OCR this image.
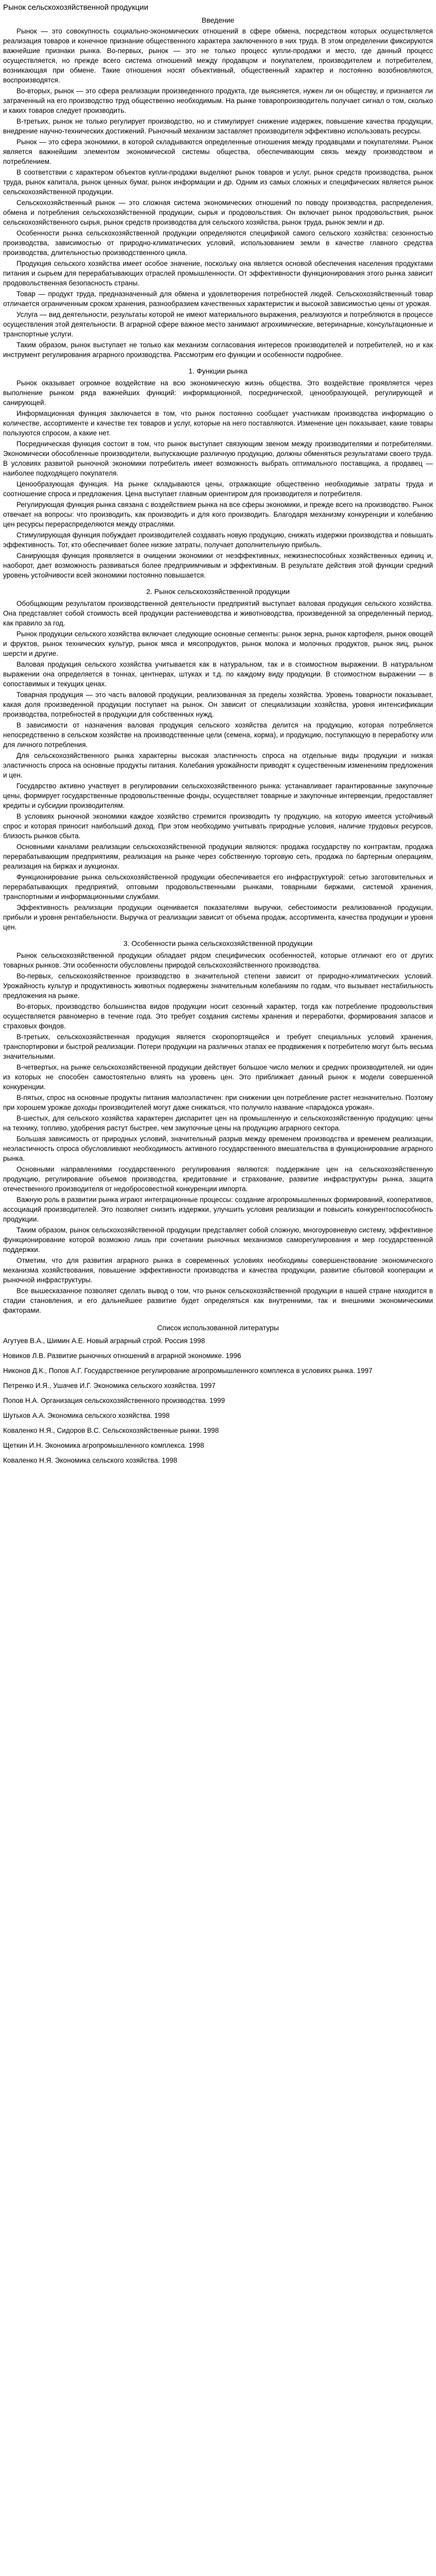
Рынок сельскохозяйственной продукции
Введение

Рынок — это совокупность социально-экономических отношений в сфере обмена, посредством которых осуществляется реализация товаров и конечное признание общественного характера заключенного в них труда. В этом определении фиксируются важнейшие признаки рынка. Во-первых, рынок — это не только процесс купли-продажи и место, где данный процесс осуществляется, но прежде всего система отношений между продавцом и покупателем, производителем и потребителем, возникающая при обмене. Такие отношения носят объективный, общественный характер и постоянно возобновляются, воспроизводятся.

Во-вторых, рынок — это сфера реализации произведенного продукта, где выясняется, нужен ли он обществу, и признается ли затраченный на его производство труд общественно необходимым. На рынке товаропроизводитель получает сигнал о том, сколько и каких товаров следует производить.

В-третьих, рынок не только регулирует производство, но и стимулирует снижение издержек, повышение качества продукции, внедрение научно-технических достижений. Рыночный механизм заставляет производителя эффективно использовать ресурсы.

Рынок — это сфера экономики, в которой складываются определенные отношения между продавцами и покупателями. Рынок является важнейшим элементом экономической системы общества, обеспечивающим связь между производством и потреблением.

В соответствии с характером объектов купли-продажи выделяют рынок товаров и услуг, рынок средств производства, рынок труда, рынок капитала, рынок ценных бумаг, рынок информации и др. Одним из самых сложных и специфических является рынок сельскохозяйственной продукции.

Сельскохозяйственный рынок — это сложная система экономических отношений по поводу производства, распределения, обмена и потребления сельскохозяйственной продукции, сырья и продовольствия. Он включает рынок продовольствия, рынок сельскохозяйственного сырья, рынок средств производства для сельского хозяйства, рынок труда, рынок земли и др.

Особенности рынка сельскохозяйственной продукции определяются спецификой самого сельского хозяйства: сезонностью производства, зависимостью от природно-климатических условий, использованием земли в качестве главного средства производства, длительностью производственного цикла.

Продукция сельского хозяйства имеет особое значение, поскольку она является основой обеспечения населения продуктами питания и сырьем для перерабатывающих отраслей промышленности. От эффективности функционирования этого рынка зависит продовольственная безопасность страны.

Товар — продукт труда, предназначенный для обмена и удовлетворения потребностей людей. Сельскохозяйственный товар отличается ограниченным сроком хранения, разнообразием качественных характеристик и высокой зависимостью цены от урожая.

Услуга — вид деятельности, результаты которой не имеют материального выражения, реализуются и потребляются в процессе осуществления этой деятельности. В аграрной сфере важное место занимают агрохимические, ветеринарные, консультационные и транспортные услуги.

Таким образом, рынок выступает не только как механизм согласования интересов производителей и потребителей, но и как инструмент регулирования аграрного производства. Рассмотрим его функции и особенности подробнее.

1. Функции рынка

Рынок оказывает огромное воздействие на всю экономическую жизнь общества. Это воздействие проявляется через выполнение рынком ряда важнейших функций: информационной, посреднической, ценообразующей, регулирующей и санирующей.

Информационная функция заключается в том, что рынок постоянно сообщает участникам производства информацию о количестве, ассортименте и качестве тех товаров и услуг, которые на него поставляются. Изменение цен показывает, какие товары пользуются спросом, а какие нет.

Посредническая функция состоит в том, что рынок выступает связующим звеном между производителями и потребителями. Экономически обособленные производители, выпускающие различную продукцию, должны обменяться результатами своего труда. В условиях развитой рыночной экономики потребитель имеет возможность выбрать оптимального поставщика, а продавец — наиболее подходящего покупателя.

Ценообразующая функция. На рынке складываются цены, отражающие общественно необходимые затраты труда и соотношение спроса и предложения. Цена выступает главным ориентиром для производителя и потребителя.

Регулирующая функция рынка связана с воздействием рынка на все сферы экономики, и прежде всего на производство. Рынок отвечает на вопросы: что производить, как производить и для кого производить. Благодаря механизму конкуренции и колебанию цен ресурсы перераспределяются между отраслями.

Стимулирующая функция побуждает производителей создавать новую продукцию, снижать издержки производства и повышать эффективность. Тот, кто обеспечивает более низкие затраты, получает дополнительную прибыль.

Санирующая функция проявляется в очищении экономики от неэффективных, нежизнеспособных хозяйственных единиц и, наоборот, дает возможность развиваться более предприимчивым и эффективным. В результате действия этой функции средний уровень устойчивости всей экономики постоянно повышается.

2. Рынок сельскохозяйственной продукции

Обобщающим результатом производственной деятельности предприятий выступает валовая продукция сельского хозяйства. Она представляет собой стоимость всей продукции растениеводства и животноводства, произведенной за определенный период, как правило за год.

Рынок продукции сельского хозяйства включает следующие основные сегменты: рынок зерна, рынок картофеля, рынок овощей и фруктов, рынок технических культур, рынок мяса и мясопродуктов, рынок молока и молочных продуктов, рынок яиц, рынок шерсти и другие.

Валовая продукция сельского хозяйства учитывается как в натуральном, так и в стоимостном выражении. В натуральном выражении она определяется в тоннах, центнерах, штуках и т.д. по каждому виду продукции. В стоимостном выражении — в сопоставимых и текущих ценах.

Товарная продукция — это часть валовой продукции, реализованная за пределы хозяйства. Уровень товарности показывает, какая доля произведенной продукции поступает на рынок. Он зависит от специализации хозяйства, уровня интенсификации производства, потребностей в продукции для собственных нужд.

В зависимости от назначения валовая продукция сельского хозяйства делится на продукцию, которая потребляется непосредственно в сельском хозяйстве на производственные цели (семена, корма), и продукцию, поступающую в переработку или для личного потребления.

Для сельскохозяйственного рынка характерны высокая эластичность спроса на отдельные виды продукции и низкая эластичность спроса на основные продукты питания. Колебания урожайности приводят к существенным изменениям предложения и цен.

Государство активно участвует в регулировании сельскохозяйственного рынка: устанавливает гарантированные закупочные цены, формирует государственные продовольственные фонды, осуществляет товарные и закупочные интервенции, предоставляет кредиты и субсидии производителям.

В условиях рыночной экономики каждое хозяйство стремится производить ту продукцию, на которую имеется устойчивый спрос и которая приносит наибольший доход. При этом необходимо учитывать природные условия, наличие трудовых ресурсов, близость рынков сбыта.

Основными каналами реализации сельскохозяйственной продукции являются: продажа государству по контрактам, продажа перерабатывающим предприятиям, реализация на рынке через собственную торговую сеть, продажа по бартерным операциям, реализация на биржах и аукционах.

Функционирование рынка сельскохозяйственной продукции обеспечивается его инфраструктурой: сетью заготовительных и перерабатывающих предприятий, оптовыми продовольственными рынками, товарными биржами, системой хранения, транспортными и информационными службами.

Эффективность реализации продукции оценивается показателями выручки, себестоимости реализованной продукции, прибыли и уровня рентабельности. Выручка от реализации зависит от объема продаж, ассортимента, качества продукции и уровня цен.

3. Особенности рынка сельскохозяйственной продукции

Рынок сельскохозяйственной продукции обладает рядом специфических особенностей, которые отличают его от других товарных рынков. Эти особенности обусловлены природой сельскохозяйственного производства.

Во-первых, сельскохозяйственное производство в значительной степени зависит от природно-климатических условий. Урожайность культур и продуктивность животных подвержены значительным колебаниям по годам, что вызывает нестабильность предложения на рынке.

Во-вторых, производство большинства видов продукции носит сезонный характер, тогда как потребление продовольствия осуществляется равномерно в течение года. Это требует создания системы хранения и переработки, формирования запасов и страховых фондов.

В-третьих, сельскохозяйственная продукция является скоропортящейся и требует специальных условий хранения, транспортировки и быстрой реализации. Потери продукции на различных этапах ее продвижения к потребителю могут быть весьма значительными.

В-четвертых, на рынке сельскохозяйственной продукции действует большое число мелких и средних производителей, ни один из которых не способен самостоятельно влиять на уровень цен. Это приближает данный рынок к модели совершенной конкуренции.

В-пятых, спрос на основные продукты питания малоэластичен: при снижении цен потребление растет незначительно. Поэтому при хорошем урожае доходы производителей могут даже снижаться, что получило название «парадокса урожая».

В-шестых, для сельского хозяйства характерен диспаритет цен на промышленную и сельскохозяйственную продукцию: цены на технику, топливо, удобрения растут быстрее, чем закупочные цены на продукцию аграрного сектора.

Большая зависимость от природных условий, значительный разрыв между временем производства и временем реализации, неэластичность спроса обусловливают необходимость активного государственного вмешательства в функционирование аграрного рынка.

Основными направлениями государственного регулирования являются: поддержание цен на сельскохозяйственную продукцию, регулирование объемов производства, кредитование и страхование, развитие инфраструктуры рынка, защита отечественного производителя от недобросовестной конкуренции импорта.

Важную роль в развитии рынка играют интеграционные процессы: создание агропромышленных формирований, кооперативов, ассоциаций производителей. Это позволяет снизить издержки, улучшить условия реализации и повысить конкурентоспособность продукции.

Таким образом, рынок сельскохозяйственной продукции представляет собой сложную, многоуровневую систему, эффективное функционирование которой возможно лишь при сочетании рыночных механизмов саморегулирования и мер государственной поддержки.

Отметим, что для развития аграрного рынка в современных условиях необходимы совершенствование экономического механизма хозяйствования, повышение эффективности производства и качества продукции, развитие сбытовой кооперации и рыночной инфраструктуры.

Все вышесказанное позволяет сделать вывод о том, что рынок сельскохозяйственной продукции в нашей стране находится в стадии становления, и его дальнейшее развитие будет определяться как внутренними, так и внешними экономическими факторами.

Список использованной литературы

Агутуев В.А., Шимин А.Е. Новый аграрный строй. Россия 1998

Новиков Л.В. Развитие рыночных отношений в аграрной экономике. 1996

Никонов Д.К., Попов А.Г. Государственное регулирование агропромышленного комплекса в условиях рынка. 1997

Петренко И.Я., Ушачев И.Г. Экономика сельского хозяйства. 1997

Попов Н.А. Организация сельскохозяйственного производства. 1999

Шутьков А.А. Экономика сельского хозяйства. 1998

Коваленко Н.Я., Сидоров В.С. Сельскохозяйственные рынки. 1998

Щеткин И.Н. Экономика агропромышленного комплекса. 1998

Коваленко Н.Я. Экономика сельского хозяйства. 1998
